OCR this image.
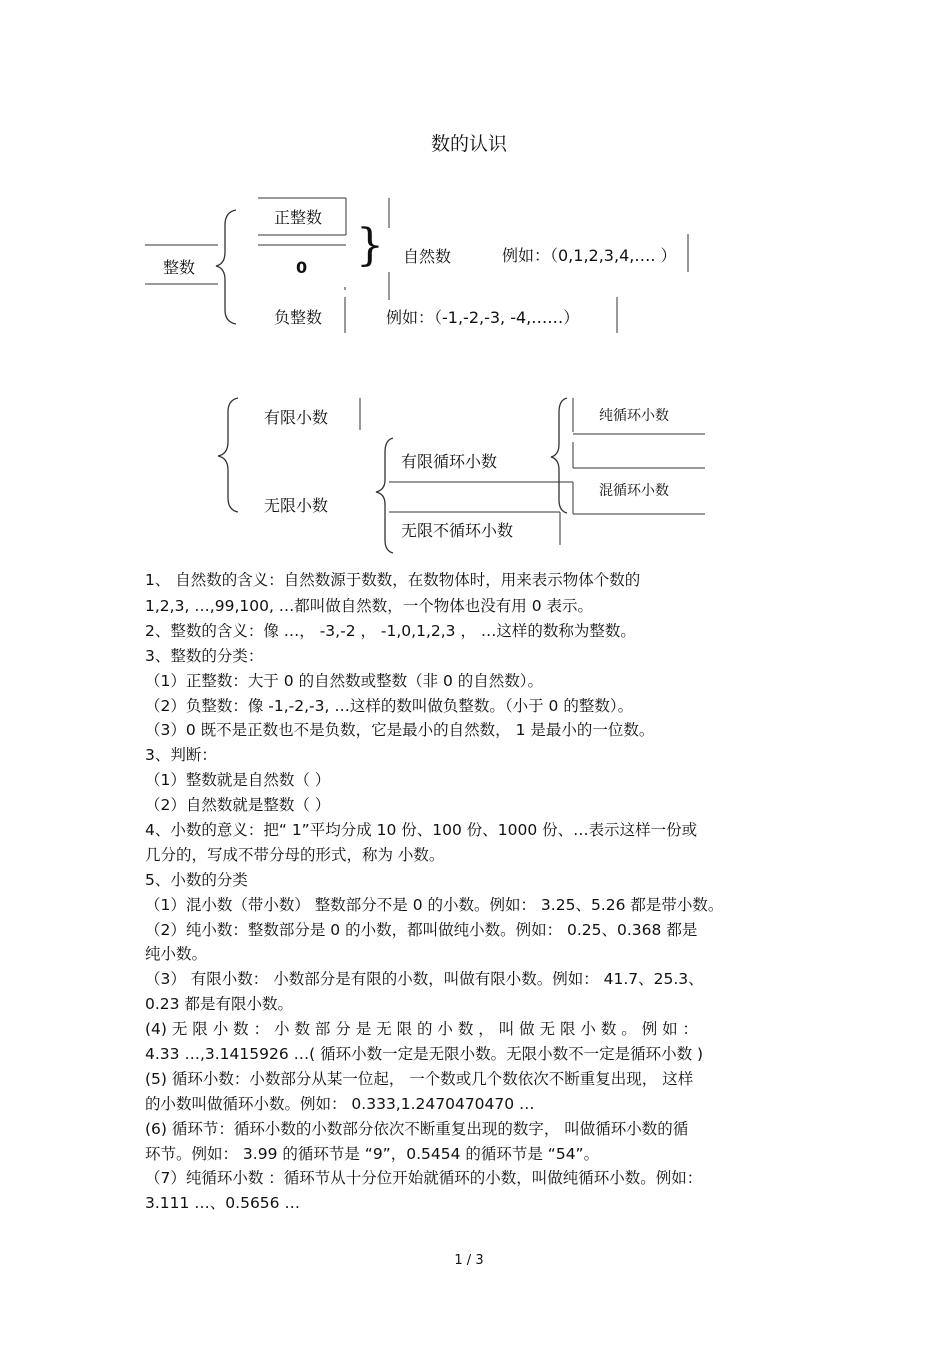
数的认识
整数
正整数
0 } 自然数	例如：（0,1,2,3,4,…. ）
负整数	例如：（-1,-2,-3, -4,……）
有限小数
无限小数
有限循环小数
无限不循环小数
纯循环小数
混循环小数
1、 自然数的含义：自然数源于数数，在数物体时，用来表示物体个数的
1,2,3, …,99,100, …都叫做自然数，一个物体也没有用 0 表示。
2、整数的含义：像 …， -3,-2 ， -1,0,1,2,3 ， …这样的数称为整数。
3、整数的分类：
（1）正整数：大于 0 的自然数或整数（非 0 的自然数）。
（2）负整数：像 -1,-2,-3, …这样的数叫做负整数。（小于 0 的整数）。
（3）0 既不是正数也不是负数，它是最小的自然数， 1 是最小的一位数。
3、判断：
（1）整数就是自然数（ ）
（2）自然数就是整数（ ）
4、小数的意义：把“ 1”平均分成 10 份、100 份、1000 份、…表示这样一份或
几分的，写成不带分母的形式，称为 小数。
5、小数的分类
（1）混小数（带小数） 整数部分不是 0 的小数。例如： 3.25、5.26 都是带小数。
（2）纯小数：整数部分是 0 的小数，都叫做纯小数。例如： 0.25、0.368 都是
纯小数。
（3） 有限小数： 小数部分是有限的小数，叫做有限小数。例如： 41.7、25.3、
0.23 都是有限小数。
(4) 无 限 小 数 ： 小 数 部 分 是 无 限 的 小 数 ， 叫 做 无 限 小 数 。 例 如 ：
4.33 …,3.1415926 …( 循环小数一定是无限小数。无限小数不一定是循环小数 )
(5) 循环小数：小数部分从某一位起， 一个数或几个数依次不断重复出现， 这样
的小数叫做循环小数。例如： 0.333,1.2470470470 …
(6) 循环节：循环小数的小数部分依次不断重复出现的数字， 叫做循环小数的循
环节。例如： 3.99 的循环节是 “9”，0.5454 的循环节是 “54”。
（7）纯循环小数 ：循环节从十分位开始就循环的小数，叫做纯循环小数。例如：
3.111 …、0.5656 …
1 / 3
